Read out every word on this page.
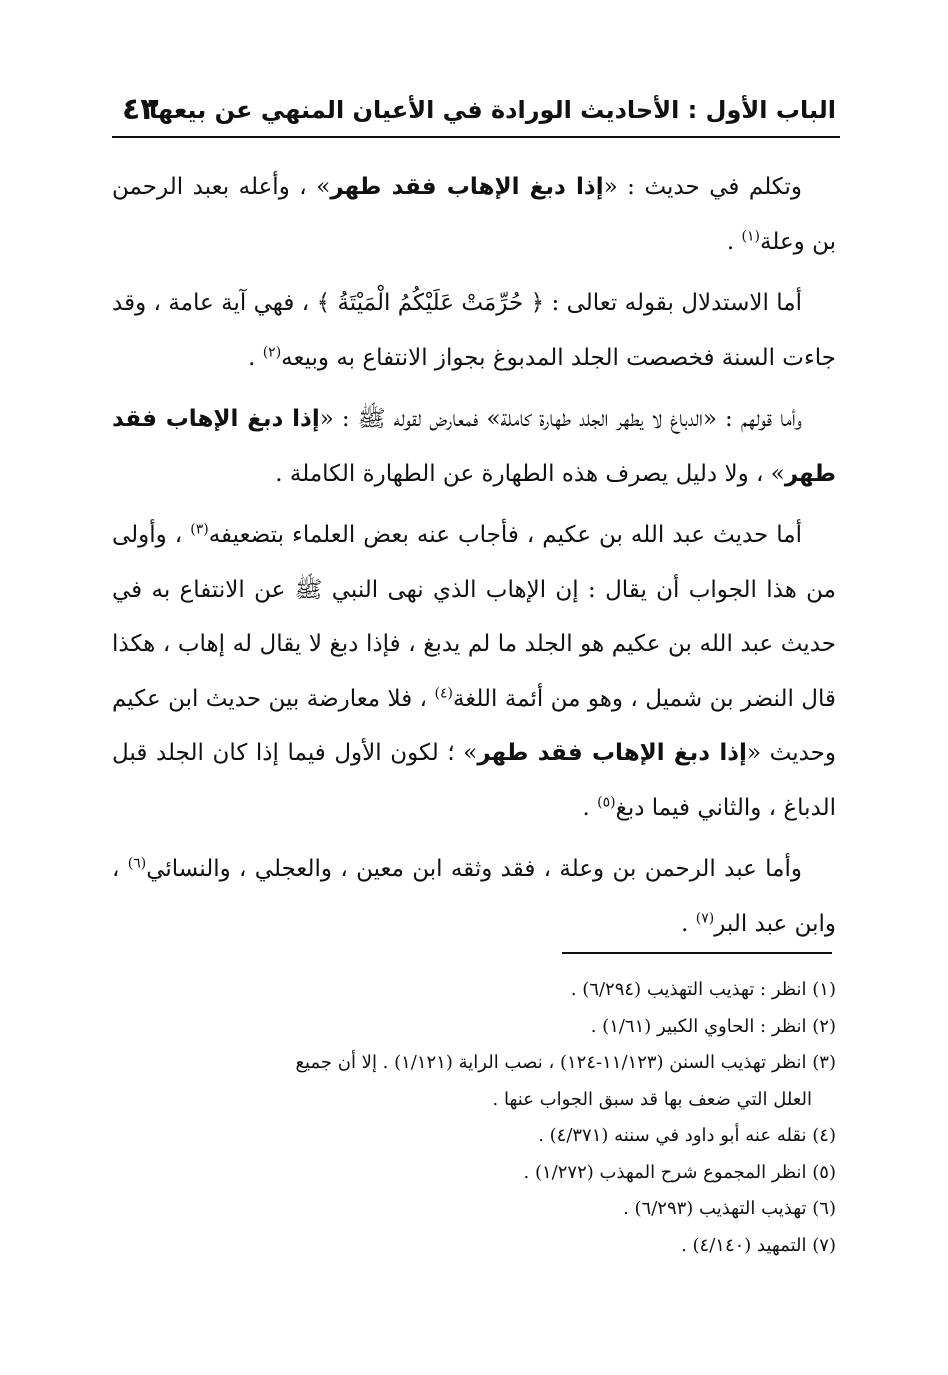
الباب الأول : الأحاديث الورادة في الأعيان المنهي عن بيعها
٤٣

وتكلم في حديث : «إذا دبغ الإهاب فقد طهر» ، وأعله بعبد الرحمن بن وعلة$^{(١)}$ .

أما الاستدلال بقوله تعالى : ﴿ حُرِّمَتْ عَلَيْكُمُ الْمَيْتَةُ ﴾ ، فهي آية عامة ، وقد جاءت السنة فخصصت الجلد المدبوغ بجواز الانتفاع به وبيعه$^{(٢)}$ .

وأما قولهم : «الدباغ لا يطهر الجلد طهارة كاملة» فمعارض لقوله ﷺ : «إذا دبغ الإهاب فقد طهر» ، ولا دليل يصرف هذه الطهارة عن الطهارة الكاملة .

أما حديث عبد الله بن عكيم ، فأجاب عنه بعض العلماء بتضعيفه$^{(٣)}$ ، وأولى من هذا الجواب أن يقال : إن الإهاب الذي نهى النبي ﷺ عن الانتفاع به في حديث عبد الله بن عكيم هو الجلد ما لم يدبغ ، فإذا دبغ لا يقال له إهاب ، هكذا قال النضر بن شميل ، وهو من أئمة اللغة$^{(٤)}$ ، فلا معارضة بين حديث ابن عكيم وحديث «إذا دبغ الإهاب فقد طهر» ؛ لكون الأول فيما إذا كان الجلد قبل الدباغ ، والثاني فيما دبغ$^{(٥)}$ .

وأما عبد الرحمن بن وعلة ، فقد وثقه ابن معين ، والعجلي ، والنسائي$^{(٦)}$ ، وابن عبد البر$^{(٧)}$ .

(١) انظر : تهذيب التهذيب (٦/٢٩٤) .

(٢) انظر : الحاوي الكبير (١/٦١) .

(٣) انظر تهذيب السنن (١١/١٢٣-١٢٤) ، نصب الراية (١/١٢١) . إلا أن جميع

العلل التي ضعف بها قد سبق الجواب عنها .

(٤) نقله عنه أبو داود في سننه (٤/٣٧١) .

(٥) انظر المجموع شرح المهذب (١/٢٧٢) .

(٦) تهذيب التهذيب (٦/٢٩٣) .

(٧) التمهيد (٤/١٤٠) .
